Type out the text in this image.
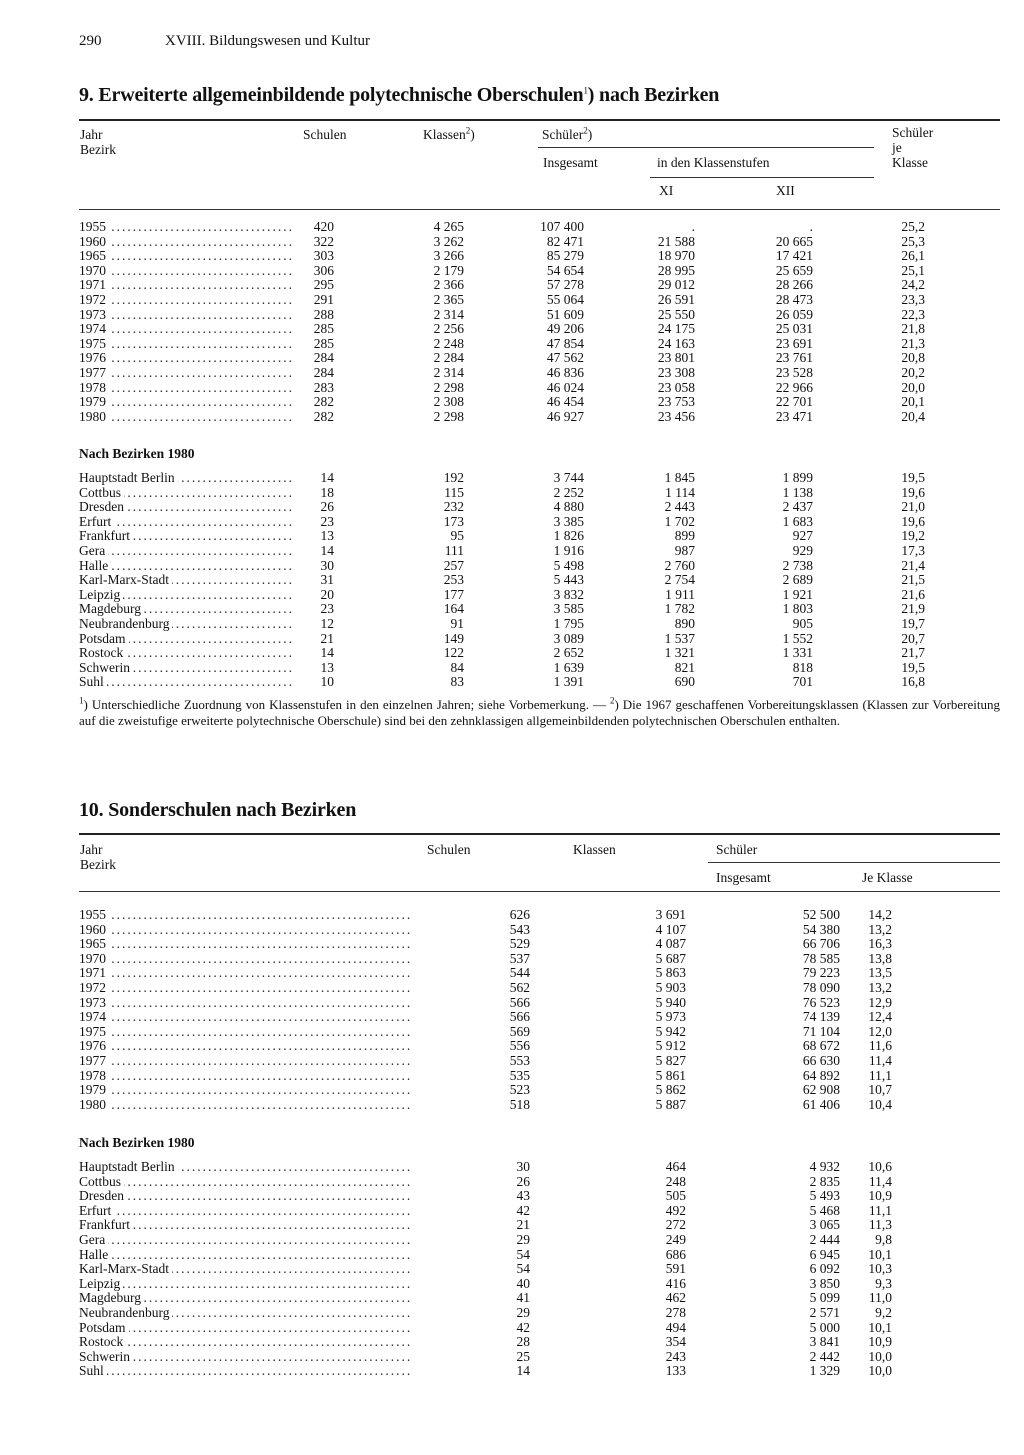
290	XVIII. Bildungswesen und Kultur
9. Erweiterte allgemeinbildende polytechnische Oberschulen$^1$) nach Bezirken
Jahr
Bezirk
Schulen	Klassen$^2$)	Schüler$^2$)
Insgesamt	in den Klassenstufen
XI	XII
Schüler
je
Klasse
1955 .....	420	4 265	107 400	.	.	25,2
1960 .....	322	3 262	82 471	21 588	20 665	25,3
1965 .....	303	3 266	85 279	18 970	17 421	26,1
1970 .....	306	2 179	54 654	28 995	25 659	25,1
1971 .....	295	2 366	57 278	29 012	28 266	24,2
1972 .....	291	2 365	55 064	26 591	28 473	23,3
1973 .....	288	2 314	51 609	25 550	26 059	22,3
1974 .....	285	2 256	49 206	24 175	25 031	21,8
1975 .....	285	2 248	47 854	24 163	23 691	21,3
1976 .....	284	2 284	47 562	23 801	23 761	20,8
1977 .....	284	2 314	46 836	23 308	23 528	20,2
1978 .....	283	2 298	46 024	23 058	22 966	20,0
1979 .....	282	2 308	46 454	23 753	22 701	20,1
1980 .....	282	2 298	46 927	23 456	23 471	20,4
Nach Bezirken 1980
Hauptstadt Berlin .....	14	192	3 744	1 845	1 899	19,5
Cottbus .....	18	115	2 252	1 114	1 138	19,6
Dresden .....	26	232	4 880	2 443	2 437	21,0
Erfurt .....	23	173	3 385	1 702	1 683	19,6
Frankfurt .....	13	95	1 826	899	927	19,2
Gera .....	14	111	1 916	987	929	17,3
Halle .....	30	257	5 498	2 760	2 738	21,4
Karl-Marx-Stadt .....	31	253	5 443	2 754	2 689	21,5
Leipzig .....	20	177	3 832	1 911	1 921	21,6
Magdeburg .....	23	164	3 585	1 782	1 803	21,9
Neubrandenburg .....	12	91	1 795	890	905	19,7
Potsdam .....	21	149	3 089	1 537	1 552	20,7
Rostock .....	14	122	2 652	1 321	1 331	21,7
Schwerin .....	13	84	1 639	821	818	19,5
Suhl .....	10	83	1 391	690	701	16,8
$^1$) Unterschiedliche Zuordnung von Klassenstufen in den einzelnen Jahren; siehe Vorbemerkung. — $^2$) Die 1967 geschaffenen Vorbereitungsklassen (Klassen zur Vorbereitung auf die zweistufige erweiterte polytechnische Oberschule) sind bei den zehnklassigen allgemeinbildenden polytechnischen Oberschulen enthalten.
10. Sonderschulen nach Bezirken
Jahr
Bezirk
Schulen	Klassen	Schüler
Insgesamt	Je Klasse
1955 .....	626	3 691	52 500	14,2
1960 .....	543	4 107	54 380	13,2
1965 .....	529	4 087	66 706	16,3
1970 .....	537	5 687	78 585	13,8
1971 .....	544	5 863	79 223	13,5
1972 .....	562	5 903	78 090	13,2
1973 .....	566	5 940	76 523	12,9
1974 .....	566	5 973	74 139	12,4
1975 .....	569	5 942	71 104	12,0
1976 .....	556	5 912	68 672	11,6
1977 .....	553	5 827	66 630	11,4
1978 .....	535	5 861	64 892	11,1
1979 .....	523	5 862	62 908	10,7
1980 .....	518	5 887	61 406	10,4
Nach Bezirken 1980
Hauptstadt Berlin .....	30	464	4 932	10,6
Cottbus .....	26	248	2 835	11,4
Dresden .....	43	505	5 493	10,9
Erfurt .....	42	492	5 468	11,1
Frankfurt .....	21	272	3 065	11,3
Gera .....	29	249	2 444	9,8
Halle .....	54	686	6 945	10,1
Karl-Marx-Stadt .....	54	591	6 092	10,3
Leipzig .....	40	416	3 850	9,3
Magdeburg .....	41	462	5 099	11,0
Neubrandenburg .....	29	278	2 571	9,2
Potsdam .....	42	494	5 000	10,1
Rostock .....	28	354	3 841	10,9
Schwerin .....	25	243	2 442	10,0
Suhl .....	14	133	1 329	10,0
